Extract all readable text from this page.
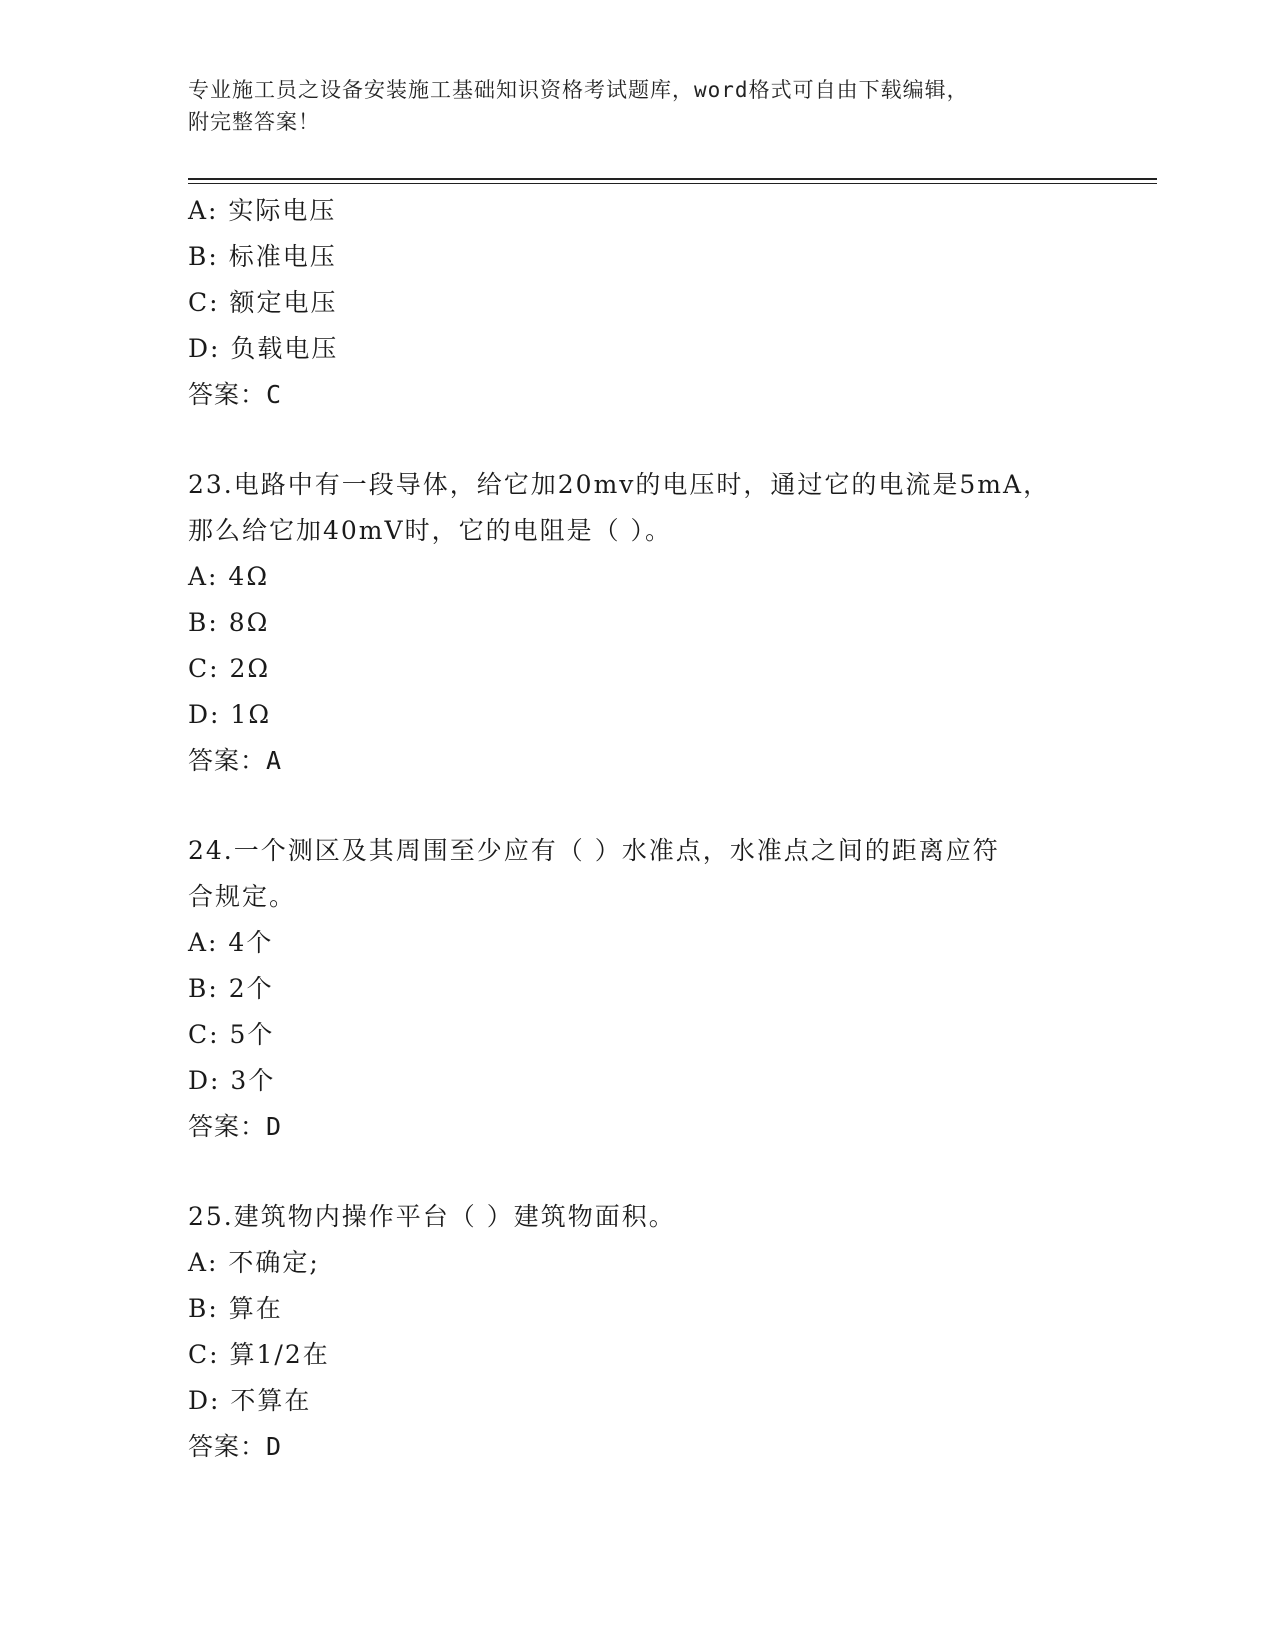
专业施工员之设备安装施工基础知识资格考试题库，word格式可自由下载编辑，
附完整答案！
A: 实际电压
B: 标准电压
C: 额定电压
D: 负载电压
答案：C
23.电路中有一段导体，给它加20mv的电压时，通过它的电流是5mA，
那么给它加40mV时，它的电阻是（ ）。
A: 4Ω
B: 8Ω
C: 2Ω
D: 1Ω
答案：A
24.一个测区及其周围至少应有（ ）水准点，水准点之间的距离应符
合规定。
A: 4个
B: 2个
C: 5个
D: 3个
答案：D
25.建筑物内操作平台（ ）建筑物面积。
A: 不确定;
B: 算在
C: 算1/2在
D: 不算在
答案：D
